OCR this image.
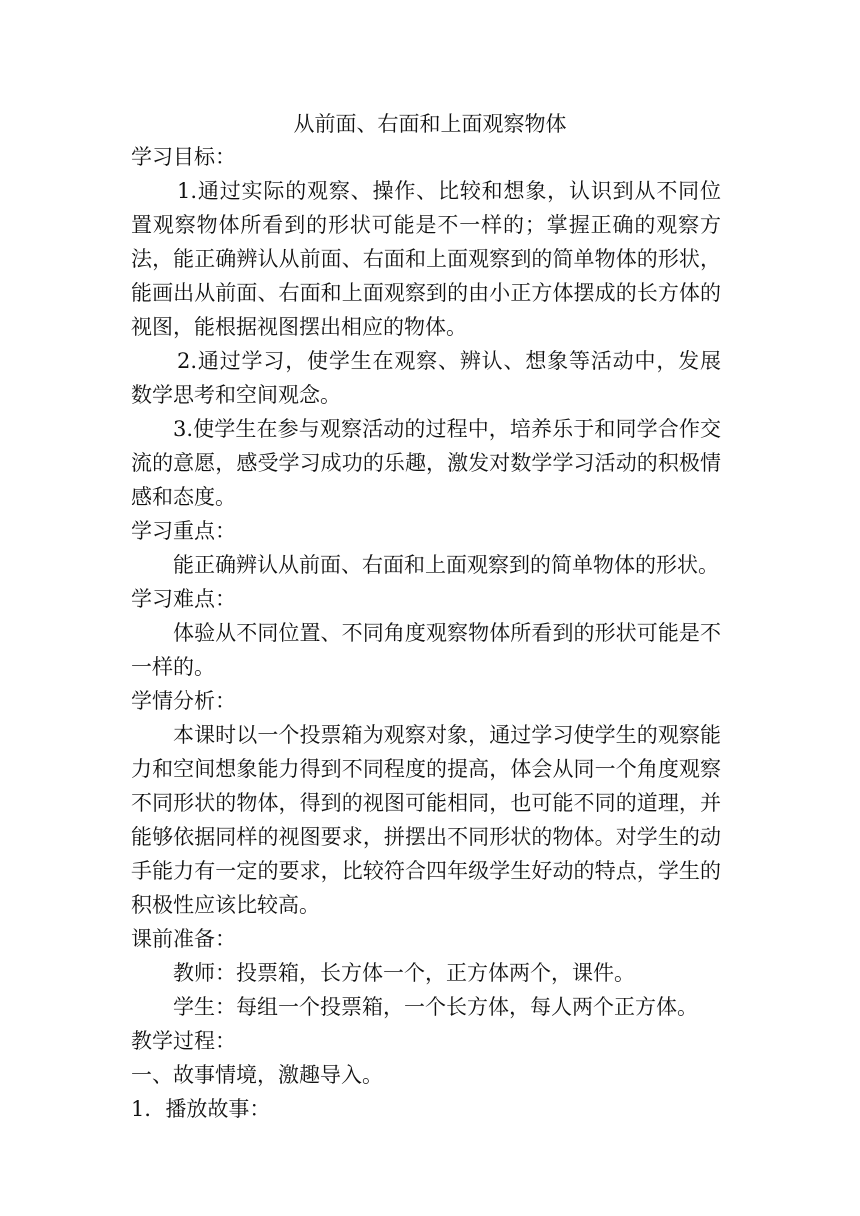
从前面、右面和上面观察物体

学习目标：

1.通过实际的观察、操作、比较和想象，认识到从不同位置观察物体所看到的形状可能是不一样的；掌握正确的观察方法，能正确辨认从前面、右面和上面观察到的简单物体的形状，能画出从前面、右面和上面观察到的由小正方体摆成的长方体的视图，能根据视图摆出相应的物体。

2.通过学习，使学生在观察、辨认、想象等活动中，发展数学思考和空间观念。

3.使学生在参与观察活动的过程中，培养乐于和同学合作交流的意愿，感受学习成功的乐趣，激发对数学学习活动的积极情感和态度。

学习重点：

能正确辨认从前面、右面和上面观察到的简单物体的形状。

学习难点：

体验从不同位置、不同角度观察物体所看到的形状可能是不一样的。

学情分析：

本课时以一个投票箱为观察对象，通过学习使学生的观察能力和空间想象能力得到不同程度的提高，体会从同一个角度观察不同形状的物体，得到的视图可能相同，也可能不同的道理，并能够依据同样的视图要求，拼摆出不同形状的物体。对学生的动手能力有一定的要求，比较符合四年级学生好动的特点，学生的积极性应该比较高。

课前准备：

教师：投票箱，长方体一个，正方体两个，课件。

学生：每组一个投票箱，一个长方体，每人两个正方体。

教学过程：

一、故事情境，激趣导入。

1．播放故事：
